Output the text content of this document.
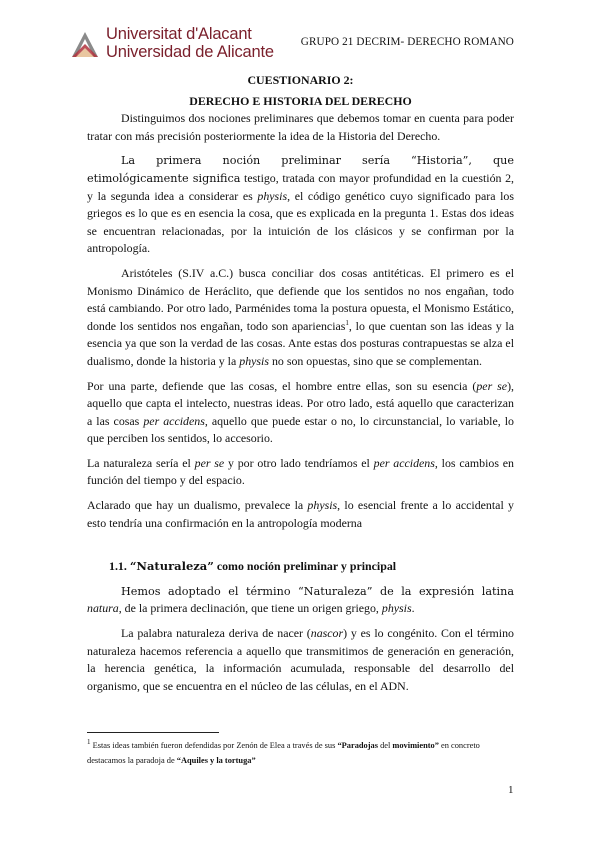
Universitat d'Alacant
Universidad de Alicante
GRUPO 21 DECRIM- DERECHO ROMANO
CUESTIONARIO 2:
DERECHO E HISTORIA DEL DERECHO

Distinguimos dos nociones preliminares que debemos tomar en cuenta para poder tratar con más precisión posteriormente la idea de la Historia del Derecho.

La primera noción preliminar sería “Historia”, que etimológicamente significa testigo, tratada con mayor profundidad en la cuestión 2, y la segunda idea a considerar es physis, el código genético cuyo significado para los griegos es lo que es en esencia la cosa, que es explicada en la pregunta 1. Estas dos ideas se encuentran relacionadas, por la intuición de los clásicos y se confirman por la antropología.

Aristóteles (S.IV a.C.) busca conciliar dos cosas antitéticas. El primero es el Monismo Dinámico de Heráclito, que defiende que los sentidos no nos engañan, todo está cambiando. Por otro lado, Parménides toma la postura opuesta, el Monismo Estático, donde los sentidos nos engañan, todo son apariencias$^1$, lo que cuentan son las ideas y la esencia ya que son la verdad de las cosas. Ante estas dos posturas contrapuestas se alza el dualismo, donde la historia y la physis no son opuestas, sino que se complementan.

Por una parte, defiende que las cosas, el hombre entre ellas, son su esencia (per se), aquello que capta el intelecto, nuestras ideas. Por otro lado, está aquello que caracterizan a las cosas per accidens, aquello que puede estar o no, lo circunstancial, lo variable, lo que perciben los sentidos, lo accesorio.

La naturaleza sería el per se y por otro lado tendríamos el per accidens, los cambios en función del tiempo y del espacio.

Aclarado que hay un dualismo, prevalece la physis, lo esencial frente a lo accidental y esto tendría una confirmación en la antropología moderna

1.1. “Naturaleza” como noción preliminar y principal

Hemos adoptado el término “Naturaleza” de la expresión latina natura, de la primera declinación, que tiene un origen griego, physis.

La palabra naturaleza deriva de nacer (nascor) y es lo congénito. Con el término naturaleza hacemos referencia a aquello que transmitimos de generación en generación, la herencia genética, la información acumulada, responsable del desarrollo del organismo, que se encuentra en el núcleo de las células, en el ADN.

$^1$ Estas ideas también fueron defendidas por Zenón de Elea a través de sus “Paradojas del movimiento” en concreto destacamos la paradoja de “Aquiles y la tortuga”
1
